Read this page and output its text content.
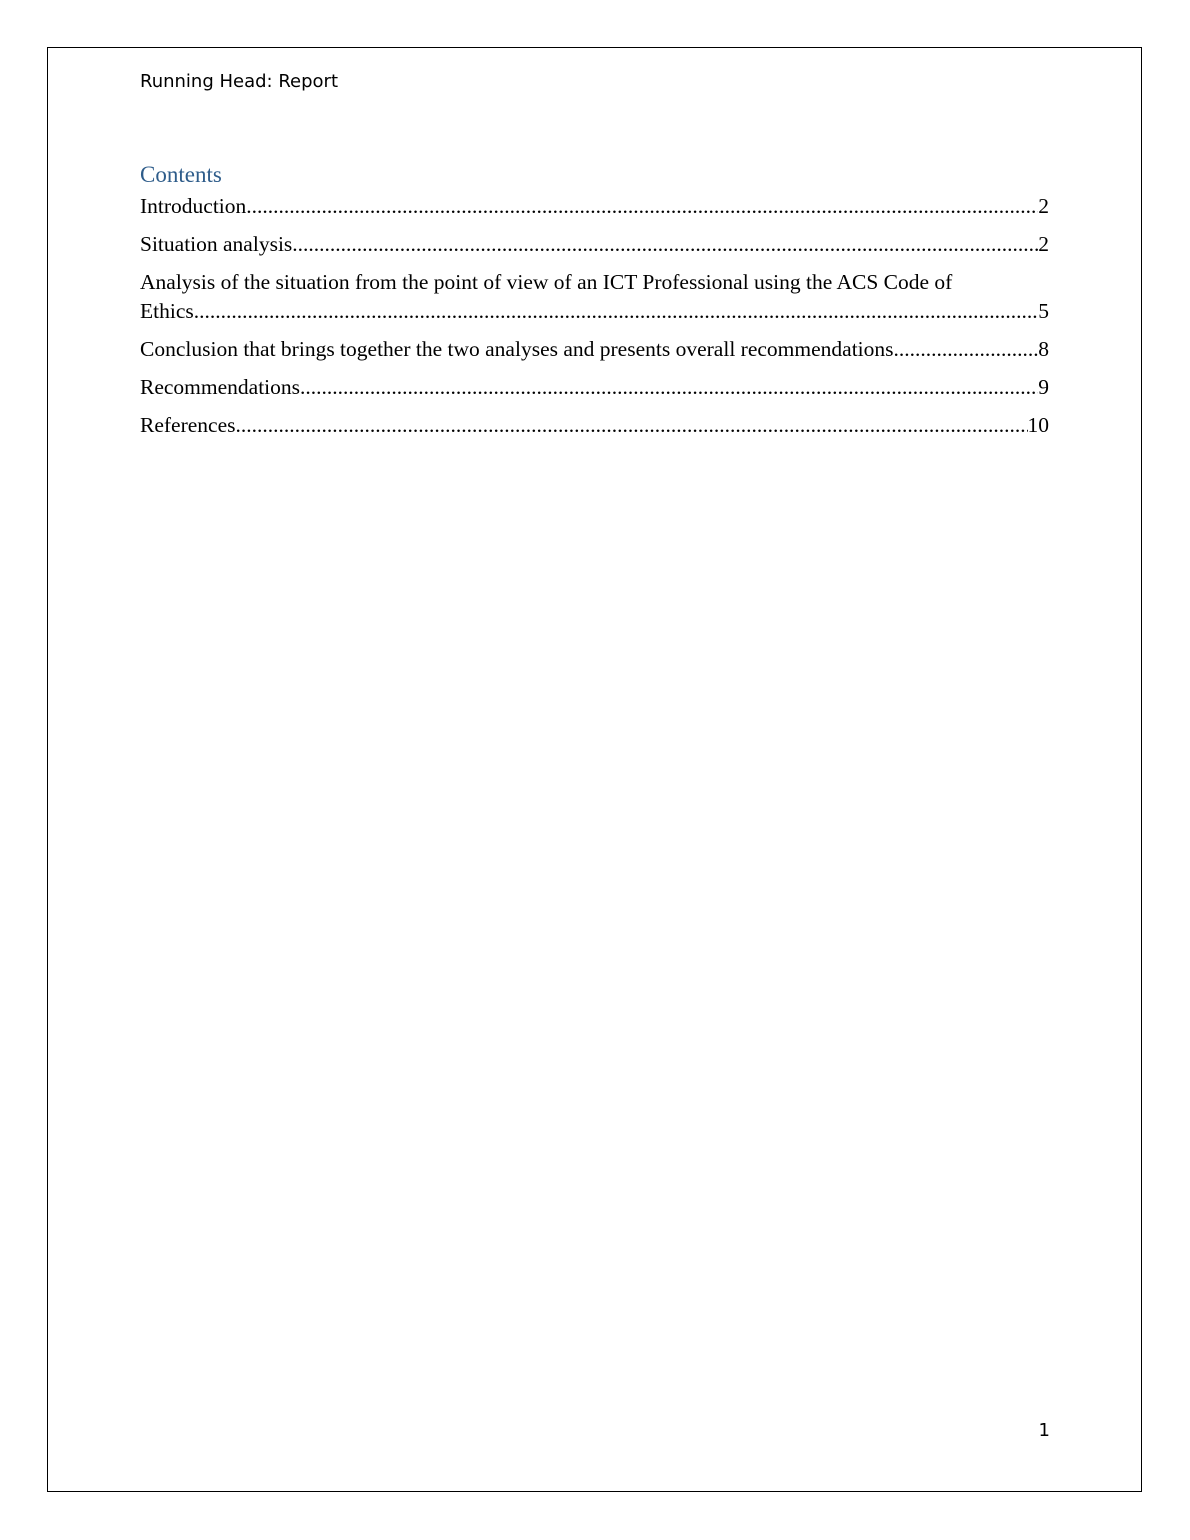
Running Head: Report
Contents
Introduction .....	2
Situation analysis .....	2
Analysis of the situation from the point of view of an ICT Professional using the ACS Code of
Ethics .....	5
Conclusion that brings together the two analyses and presents overall recommendations .....	8
Recommendations .....	9
References .....	10
1
